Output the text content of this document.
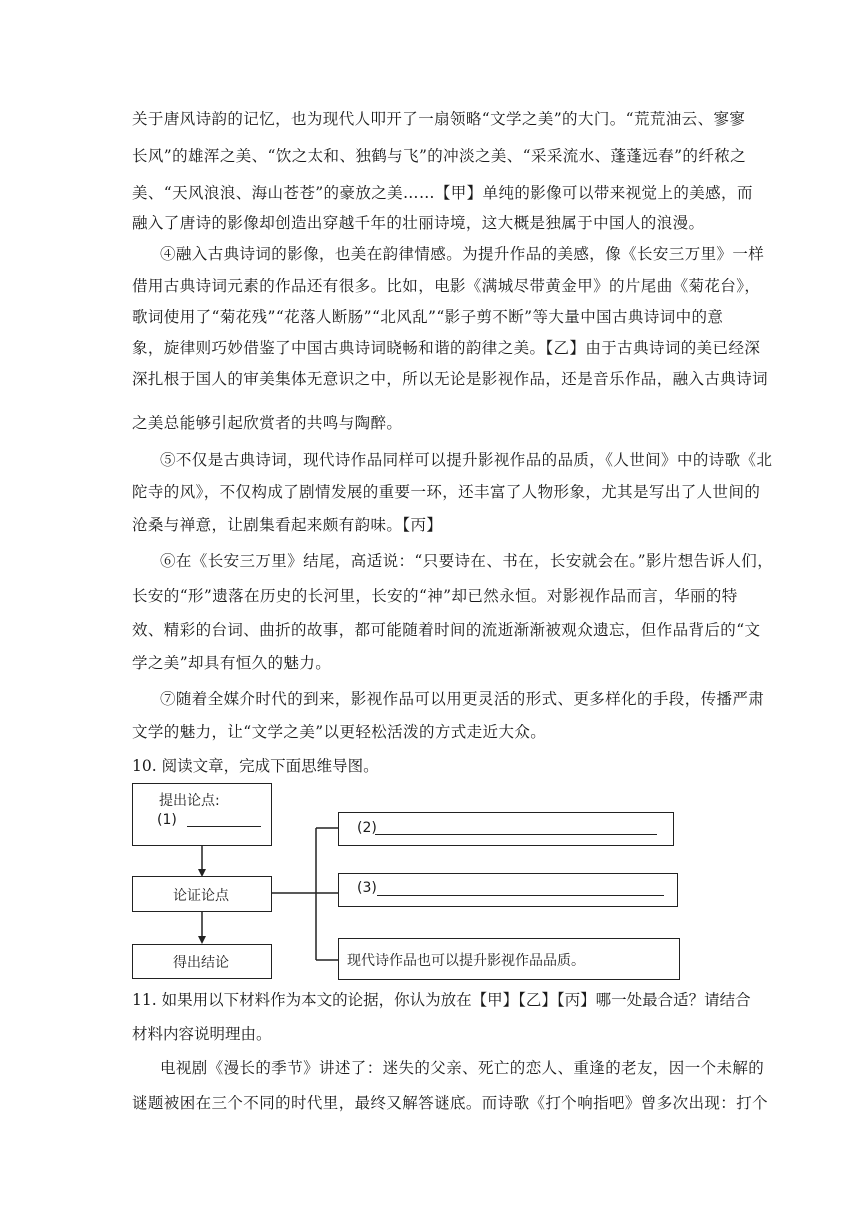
关于唐风诗韵的记忆，也为现代人叩开了一扇领略“文学之美”的大门。“荒荒油云、寥寥
长风”的雄浑之美、“饮之太和、独鹤与飞”的冲淡之美、“采采流水、蓬蓬远春”的纤秾之
美、“天风浪浪、海山苍苍”的豪放之美……【甲】单纯的影像可以带来视觉上的美感，而
融入了唐诗的影像却创造出穿越千年的壮丽诗境，这大概是独属于中国人的浪漫。
④融入古典诗词的影像，也美在韵律情感。为提升作品的美感，像《长安三万里》一样
借用古典诗词元素的作品还有很多。比如，电影《满城尽带黄金甲》的片尾曲《菊花台》，
歌词使用了“菊花残”“花落人断肠”“北风乱”“影子剪不断”等大量中国古典诗词中的意
象，旋律则巧妙借鉴了中国古典诗词晓畅和谐的韵律之美。【乙】由于古典诗词的美已经深
深扎根于国人的审美集体无意识之中，所以无论是影视作品，还是音乐作品，融入古典诗词
之美总能够引起欣赏者的共鸣与陶醉。
⑤不仅是古典诗词，现代诗作品同样可以提升影视作品的品质，《人世间》中的诗歌《北
陀寺的风》，不仅构成了剧情发展的重要一环，还丰富了人物形象，尤其是写出了人世间的
沧桑与禅意，让剧集看起来颇有韵味。【丙】
⑥在《长安三万里》结尾，高适说：“只要诗在、书在，长安就会在。”影片想告诉人们，
长安的“形”遗落在历史的长河里，长安的“神”却已然永恒。对影视作品而言，华丽的特
效、精彩的台词、曲折的故事，都可能随着时间的流逝渐渐被观众遗忘，但作品背后的“文
学之美”却具有恒久的魅力。
⑦随着全媒介时代的到来，影视作品可以用更灵活的形式、更多样化的手段，传播严肃
文学的魅力，让“文学之美”以更轻松活泼的方式走近大众。
10. 阅读文章，完成下面思维导图。
提出论点:
(1)
论证论点
得出结论
(2)
(3)
现代诗作品也可以提升影视作品品质。
11. 如果用以下材料作为本文的论据，你认为放在【甲】【乙】【丙】哪一处最合适？请结合
材料内容说明理由。
电视剧《漫长的季节》讲述了：迷失的父亲、死亡的恋人、重逢的老友，因一个未解的
谜题被困在三个不同的时代里，最终又解答谜底。而诗歌《打个响指吧》曾多次出现：打个
